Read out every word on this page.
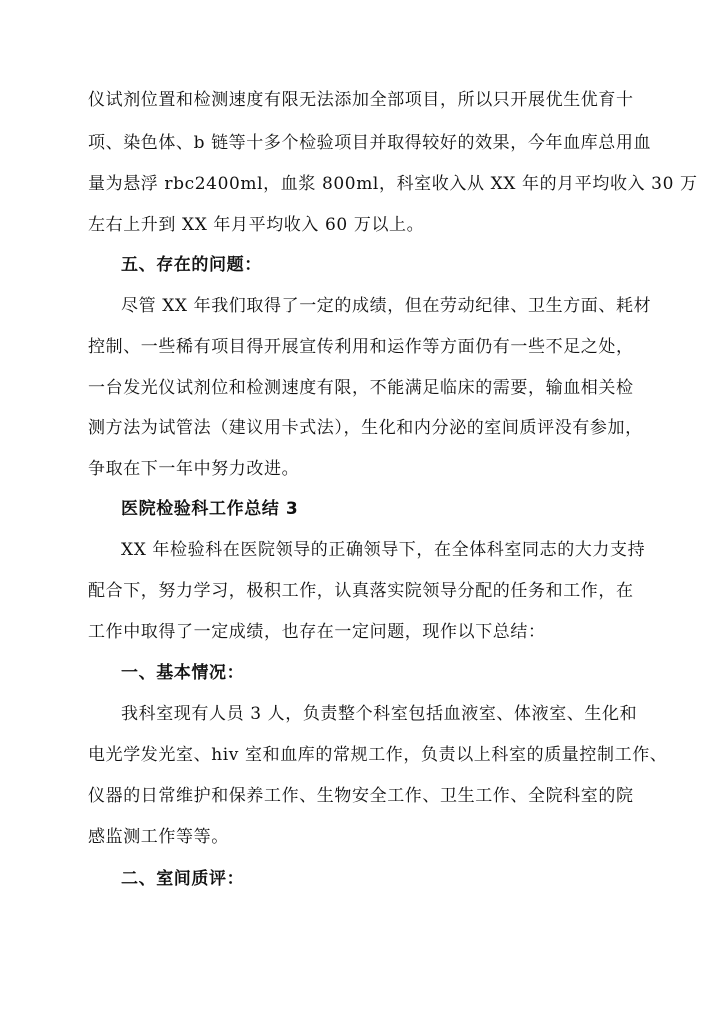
仪试剂位置和检测速度有限无法添加全部项目，所以只开展优生优育十
项、染色体、b 链等十多个检验项目并取得较好的效果，今年血库总用血
量为悬浮 rbc2400ml，血浆 800ml，科室收入从 XX 年的月平均收入 30 万
左右上升到 XX 年月平均收入 60 万以上。
五、存在的问题：
尽管 XX 年我们取得了一定的成绩，但在劳动纪律、卫生方面、耗材
控制、一些稀有项目得开展宣传利用和运作等方面仍有一些不足之处，
一台发光仪试剂位和检测速度有限，不能满足临床的需要，输血相关检
测方法为试管法（建议用卡式法），生化和内分泌的室间质评没有参加，
争取在下一年中努力改进。
医院检验科工作总结 3
XX 年检验科在医院领导的正确领导下，在全体科室同志的大力支持
配合下，努力学习，极积工作，认真落实院领导分配的任务和工作，在
工作中取得了一定成绩，也存在一定问题，现作以下总结：
一、基本情况：
我科室现有人员 3 人，负责整个科室包括血液室、体液室、生化和
电光学发光室、hiv 室和血库的常规工作，负责以上科室的质量控制工作、
仪器的日常维护和保养工作、生物安全工作、卫生工作、全院科室的院
感监测工作等等。
二、室间质评：
